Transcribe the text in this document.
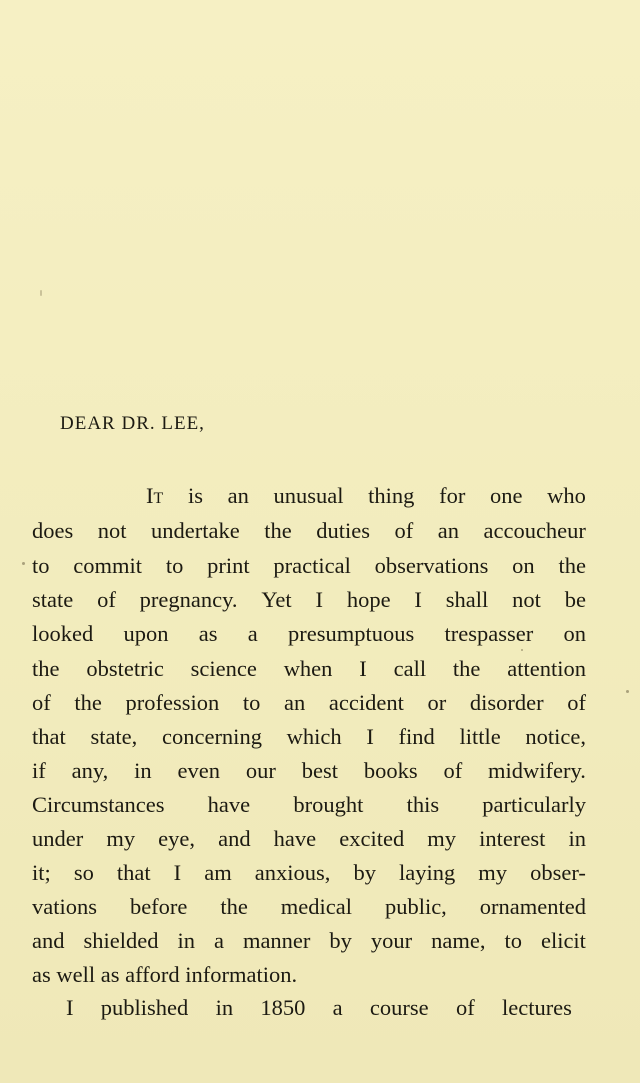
DEAR DR. LEE,
It is an unusual thing for one who
does not undertake the duties of an accoucheur
to commit to print practical observations on the
state of pregnancy. Yet I hope I shall not be
looked upon as a presumptuous trespasser on
the obstetric science when I call the attention
of the profession to an accident or disorder of
that state, concerning which I find little notice,
if any, in even our best books of midwifery.
Circumstances have brought this particularly
under my eye, and have excited my interest in
it; so that I am anxious, by laying my obser-
vations before the medical public, ornamented
and shielded in a manner by your name, to elicit
as well as afford information.
I published in 1850 a course of lectures
